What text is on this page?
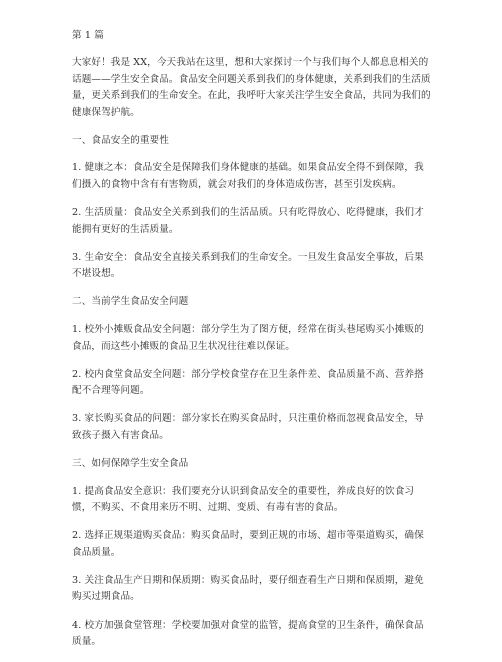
第 1 篇
大家好！我是 XX，今天我站在这里，想和大家探讨一个与我们每个人都息息相关的话题——学生安全食品。食品安全问题关系到我们的身体健康，关系到我们的生活质量，更关系到我们的生命安全。在此，我呼吁大家关注学生安全食品，共同为我们的健康保驾护航。
一、食品安全的重要性
1. 健康之本：食品安全是保障我们身体健康的基础。如果食品安全得不到保障，我们摄入的食物中含有有害物质，就会对我们的身体造成伤害，甚至引发疾病。
2. 生活质量：食品安全关系到我们的生活品质。只有吃得放心、吃得健康，我们才能拥有更好的生活质量。
3. 生命安全：食品安全直接关系到我们的生命安全。一旦发生食品安全事故，后果不堪设想。
二、当前学生食品安全问题
1. 校外小摊贩食品安全问题：部分学生为了图方便，经常在街头巷尾购买小摊贩的食品，而这些小摊贩的食品卫生状况往往难以保证。
2. 校内食堂食品安全问题：部分学校食堂存在卫生条件差、食品质量不高、营养搭配不合理等问题。
3. 家长购买食品的问题：部分家长在购买食品时，只注重价格而忽视食品安全，导致孩子摄入有害食品。
三、如何保障学生安全食品
1. 提高食品安全意识：我们要充分认识到食品安全的重要性，养成良好的饮食习惯，不购买、不食用来历不明、过期、变质、有毒有害的食品。
2. 选择正规渠道购买食品：购买食品时，要到正规的市场、超市等渠道购买，确保食品质量。
3. 关注食品生产日期和保质期：购买食品时，要仔细查看生产日期和保质期，避免购买过期食品。
4. 校方加强食堂管理：学校要加强对食堂的监管，提高食堂的卫生条件，确保食品质量。
